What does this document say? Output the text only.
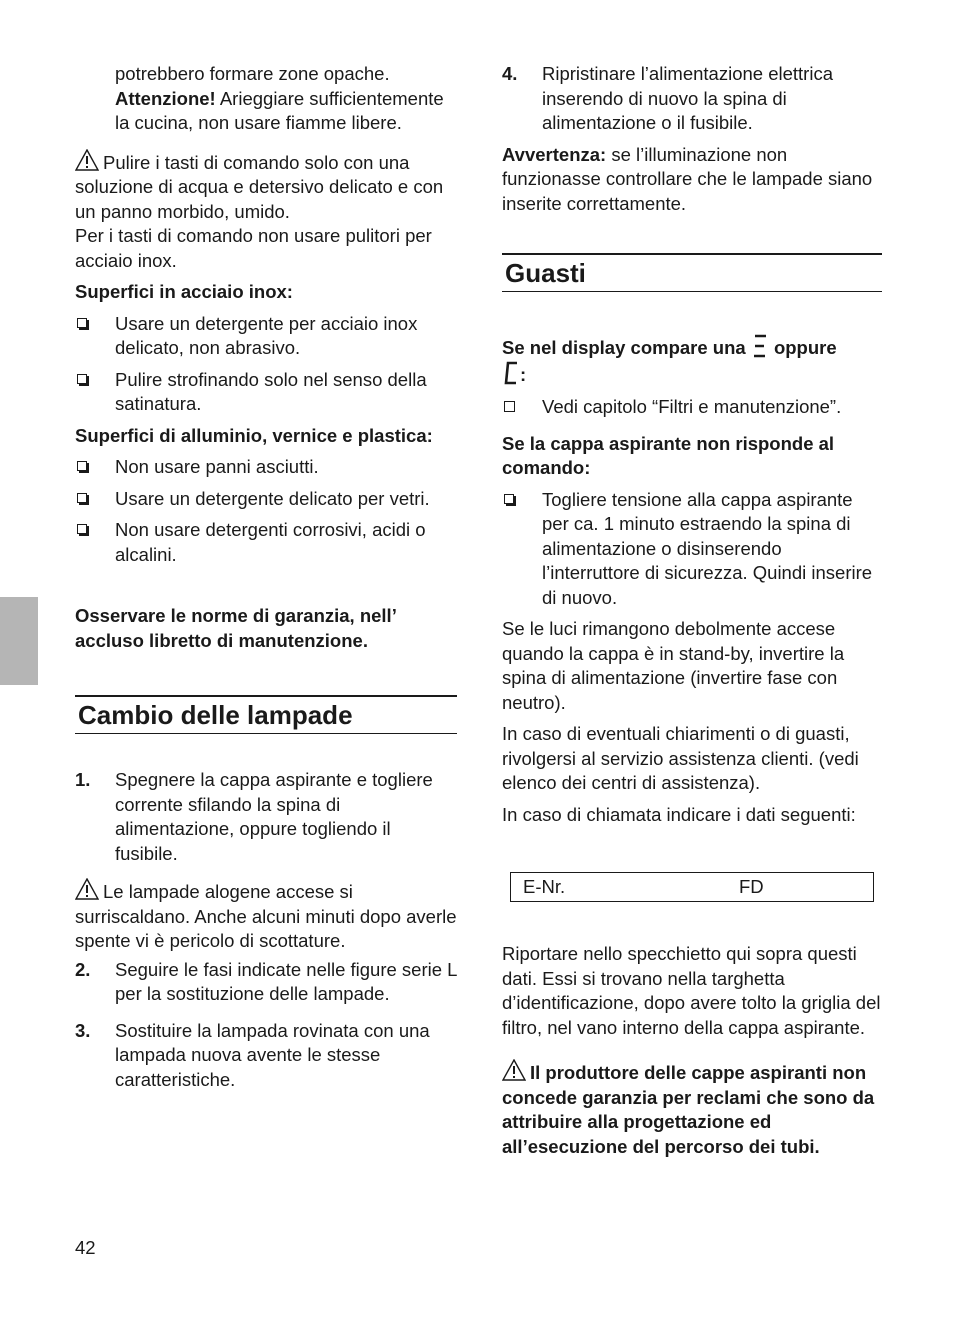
potrebbero formare zone opache.
Attenzione! Arieggiare sufficientemente la cucina, non usare fiamme libere.

Pulire i tasti di comando solo con una soluzione di acqua e detersivo delicato e con un panno morbido, umido.

Per i tasti di comando non usare pulitori per acciaio inox.

Superfici in acciaio inox:

Usare un detergente per acciaio inox delicato, non abrasivo.
Pulire strofinando solo nel senso della satinatura.

Superfici di alluminio, vernice e plastica:

Non usare panni asciutti.
Usare un detergente delicato per vetri.
Non usare detergenti corrosivi, acidi o alcalini.

Osservare le norme di garanzia, nell’ accluso libretto di manutenzione.

Cambio delle lampade
1. Spegnere la cappa aspirante e togliere corrente sfilando la spina di alimentazione, oppure togliendo il fusibile.

Le lampade alogene accese si surriscaldano. Anche alcuni minuti dopo averle spente vi è pericolo di scottature.

2. Seguire le fasi indicate nelle figure serie L per la sostituzione delle lampade.
3. Sostituire la lampada rovinata con una lampada nuova avente le stesse caratteristiche.
4. Ripristinare l’alimentazione elettrica inserendo di nuovo la spina di alimentazione o il fusibile.

Avvertenza: se l’illuminazione non funzionasse controllare che le lampade siano inserite correttamente.

Guasti

Se nel display compare una oppure
:

Vedi capitolo “Filtri e manutenzione”.

Se la cappa aspirante non risponde al comando:

Togliere tensione alla cappa aspirante per ca. 1 minuto estraendo la spina di alimentazione o disinserendo l’interruttore di sicurezza. Quindi inserire di nuovo.

Se le luci rimangono debolmente accese quando la cappa è in stand-by, invertire la spina di alimentazione (invertire fase con neutro).

In caso di eventuali chiarimenti o di guasti, rivolgersi al servizio assistenza clienti. (vedi elenco dei centri di assistenza).

In caso di chiamata indicare i dati seguenti:

E-Nr.	FD

Riportare nello specchietto qui sopra questi dati. Essi si trovano nella targhetta d’identificazione, dopo avere tolto la griglia del filtro, nel vano interno della cappa aspirante.

Il produttore delle cappe aspiranti non concede garanzia per reclami che sono da attribuire alla progettazione ed all’esecuzione del percorso dei tubi.

42
